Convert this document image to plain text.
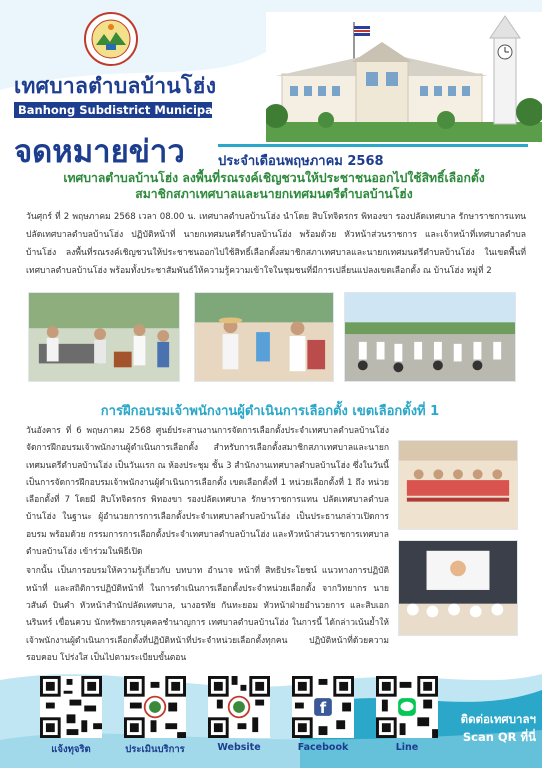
เทศบาลตำบลบ้านโฮ่ง
Banhong Subdistrict Municipal
จดหมายข่าว	ประจำเดือนพฤษภาคม 2568
เทศบาลตำบลบ้านโฮ่ง ลงพื้นที่รณรงค์เชิญชวนให้ประชาชนออกไปใช้สิทธิ์เลือกตั้ง
สมาชิกสภาเทศบาลและนายกเทศมนตรีตำบลบ้านโฮ่ง
วันศุกร์ ที่ 2 พฤษภาคม 2568 เวลา 08.00 น. เทศบาลตำบลบ้านโฮ่ง นำโดย สิบโทจิตรกร พิทองขา รองปลัดเทศบาล รักษาราชการแทน ปลัดเทศบาลตำบลบ้านโฮ่ง ปฏิบัติหน้าที่ นายกเทศมนตรีตำบลบ้านโฮ่ง พร้อมด้วย หัวหน้าส่วนราชการ และเจ้าหน้าที่เทศบาลตำบลบ้านโฮ่ง ลงพื้นที่รณรงค์เชิญชวนให้ประชาชนออกไปใช้สิทธิ์เลือกตั้งสมาชิกสภาเทศบาลและนายกเทศมนตรีตำบลบ้านโฮ่ง ในเขตพื้นที่เทศบาลตำบลบ้านโฮ่ง พร้อมทั้งประชาสัมพันธ์ให้ความรู้ความเข้าใจในชุมชนที่มีการเปลี่ยนแปลงเขตเลือกตั้ง ณ บ้านโฮ่ง หมู่ที่ 2
การฝึกอบรมเจ้าพนักงานผู้ดำเนินการเลือกตั้ง เขตเลือกตั้งที่ 1
วันอังคาร ที่ 6 พฤษภาคม 2568 ศูนย์ประสานงานการจัดการเลือกตั้งประจำเทศบาลตำบลบ้านโฮ่ง จัดการฝึกอบรมเจ้าพนักงานผู้ดำเนินการเลือกตั้ง สำหรับการเลือกตั้งสมาชิกสภาเทศบาลและนายกเทศมนตรีตำบลบ้านโฮ่ง เป็นวันแรก ณ ห้องประชุม ชั้น 3 สำนักงานเทศบาลตำบลบ้านโฮ่ง ซึ่งในวันนี้เป็นการจัดการฝึกอบรมเจ้าพนักงานผู้ดำเนินการเลือกตั้ง เขตเลือกตั้งที่ 1 หน่วยเลือกตั้งที่ 1 ถึง หน่วยเลือกตั้งที่ 7 โดยมี สิบโทจิตรกร พิทองขา รองปลัดเทศบาล รักษาราชการแทน ปลัดเทศบาลตำบลบ้านโฮ่ง ในฐานะ ผู้อำนวยการการเลือกตั้งประจำเทศบาลตำบลบ้านโฮ่ง เป็นประธานกล่าวเปิดการอบรม พร้อมด้วย กรรมการการเลือกตั้งประจำเทศบาลตำบลบ้านโฮ่ง และหัวหน้าส่วนราชการเทศบาลตำบลบ้านโฮ่ง เข้าร่วมในพิธีเปิด
จากนั้น เป็นการอบรมให้ความรู้เกี่ยวกับ บทบาท อำนาจ หน้าที่ สิทธิประโยชน์ แนวทางการปฏิบัติหน้าที่ และสถิติการปฏิบัติหน้าที่ ในการดำเนินการเลือกตั้งประจำหน่วยเลือกตั้ง จากวิทยากร นายวสันต์ บินคำ หัวหน้าสำนักปลัดเทศบาล, นางอรทัย กันทะยอม หัวหน้าฝ่ายอำนวยการ และสิบเอกนรินทร์ เขื่อนควบ นักทรัพยากรบุคคลชำนาญการ เทศบาลตำบลบ้านโฮ่ง ในการนี้ ได้กล่าวเน้นย้ำให้เจ้าพนักงานผู้ดำเนินการเลือกตั้งที่ปฏิบัติหน้าที่ประจำหน่วยเลือกตั้งทุกคน ปฏิบัติหน้าที่ด้วยความรอบคอบ โปร่งใส เป็นไปตามระเบียบขั้นตอน
แจ้งทุจริต	ประเมินบริการ	Website
f
Facebook	Line
ติดต่อเทศบาลฯ
Scan QR ที่นี่
